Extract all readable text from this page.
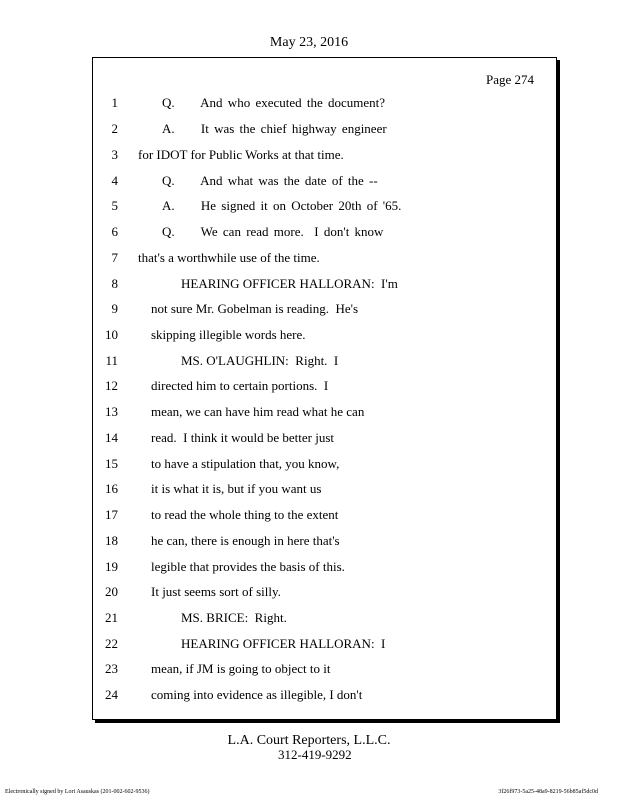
May 23, 2016
Page 274
1	Q.     And who executed the document?
2	A.     It was the chief highway engineer
3 for IDOT for Public Works at that time.
4	Q.     And what was the date of the --
5	A.     He signed it on October 20th of '65.
6	Q.     We can read more.  I don't know
7 that's a worthwhile use of the time.
8	HEARING OFFICER HALLORAN:  I'm
9	not sure Mr. Gobelman is reading.  He's
10	skipping illegible words here.
11	MS. O'LAUGHLIN:  Right.  I
12	directed him to certain portions.  I
13	mean, we can have him read what he can
14	read.  I think it would be better just
15	to have a stipulation that, you know,
16	it is what it is, but if you want us
17	to read the whole thing to the extent
18	he can, there is enough in here that's
19	legible that provides the basis of this.
20	It just seems sort of silly.
21	MS. BRICE:  Right.
22	HEARING OFFICER HALLORAN:  I
23	mean, if JM is going to object to it
24	coming into evidence as illegible, I don't
L.A. Court Reporters, L.L.C.
312-419-9292
Electronically signed by Lori Asauskas (201-002-602-9536)	3f26f973-5a25-48a9-8219-56b85af5dc0d
